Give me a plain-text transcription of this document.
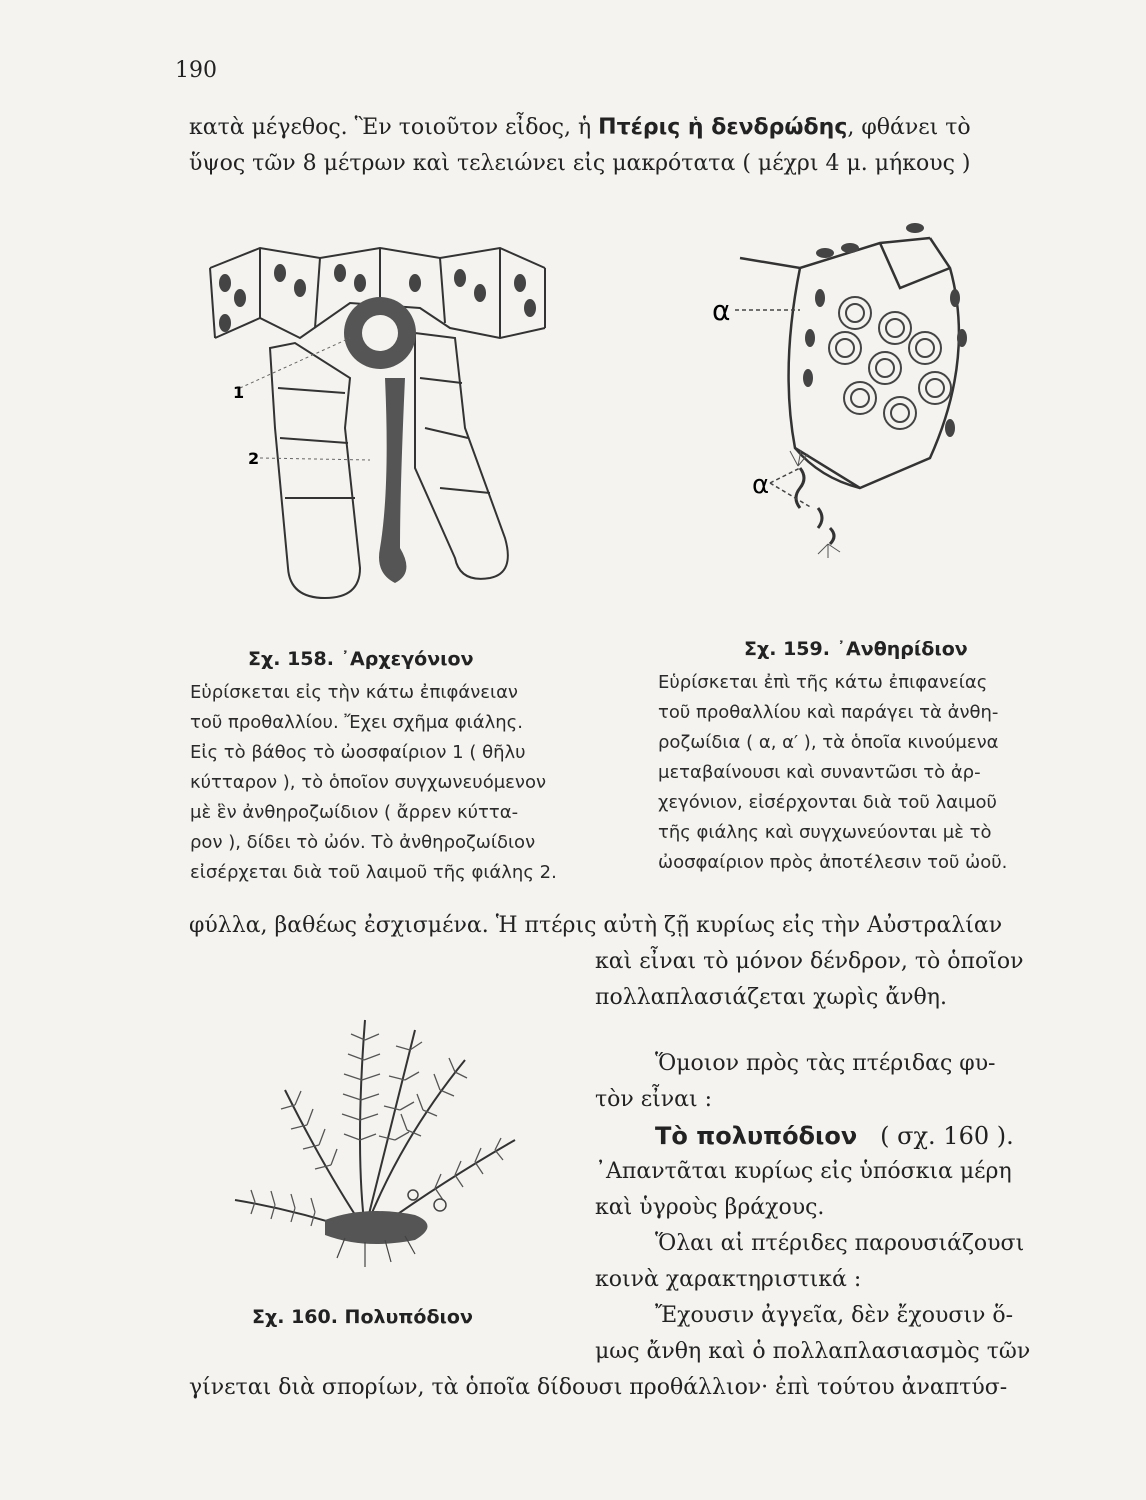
190
κατὰ μέγεθος. Ἓν τοιοῦτον εἶδος, ἡ Πτέρις ἡ δενδρώδης, φθάνει τὸ
ὕψος τῶν 8 μέτρων καὶ τελειώνει εἰς μακρότατα ( μέχρι 4 μ. μήκους )
1
2
α
α
Σχ. 158. ᾿Αρχεγόνιον
Εὑρίσκεται εἰς τὴν κάτω ἐπιφάνειαν
τοῦ προθαλλίου. Ἔχει σχῆμα φιάλης.
Εἰς τὸ βάθος τὸ ὠοσφαίριον 1 ( θῆλυ
κύτταρον ), τὸ ὁποῖον συγχωνευόμενον
μὲ ἓν ἀνθηροζωίδιον ( ἄρρεν κύττα-
ρον ), δίδει τὸ ὠόν. Τὸ ἀνθηροζωίδιον
εἰσέρχεται διὰ τοῦ λαιμοῦ τῆς φιάλης 2.
Σχ. 159. ᾿Ανθηρίδιον
Εὑρίσκεται ἐπὶ τῆς κάτω ἐπιφανείας
τοῦ προθαλλίου καὶ παράγει τὰ ἀνθη-
ροζωίδια ( α, α′ ), τὰ ὁποῖα κινούμενα
μεταβαίνουσι καὶ συναντῶσι τὸ ἀρ-
χεγόνιον, εἰσέρχονται διὰ τοῦ λαιμοῦ
τῆς φιάλης καὶ συγχωνεύονται μὲ τὸ
ὠοσφαίριον πρὸς ἀποτέλεσιν τοῦ ὠοῦ.
φύλλα, βαθέως ἐσχισμένα. Ἡ πτέρις αὐτὴ ζῇ κυρίως εἰς τὴν Αὐστραλίαν
καὶ εἶναι τὸ μόνον δένδρον, τὸ ὁποῖον
πολλαπλασιάζεται χωρὶς ἄνθη.
Ὅμοιον πρὸς τὰς πτέριδας φυ-
τὸν εἶναι :
Τὸ πολυπόδιον ( σχ. 160 ).
᾿Απαντᾶται κυρίως εἰς ὑπόσκια μέρη
καὶ ὑγροὺς βράχους.
Ὅλαι αἱ πτέριδες παρουσιάζουσι
κοινὰ χαρακτηριστικά :
Ἔχουσιν ἀγγεῖα, δὲν ἔχουσιν ὅ-
μως ἄνθη καὶ ὁ πολλαπλασιασμὸς τῶν
Σχ. 160. Πολυπόδιον
γίνεται διὰ σπορίων, τὰ ὁποῖα δίδουσι προθάλλιον· ἐπὶ τούτου ἀναπτύσ-
